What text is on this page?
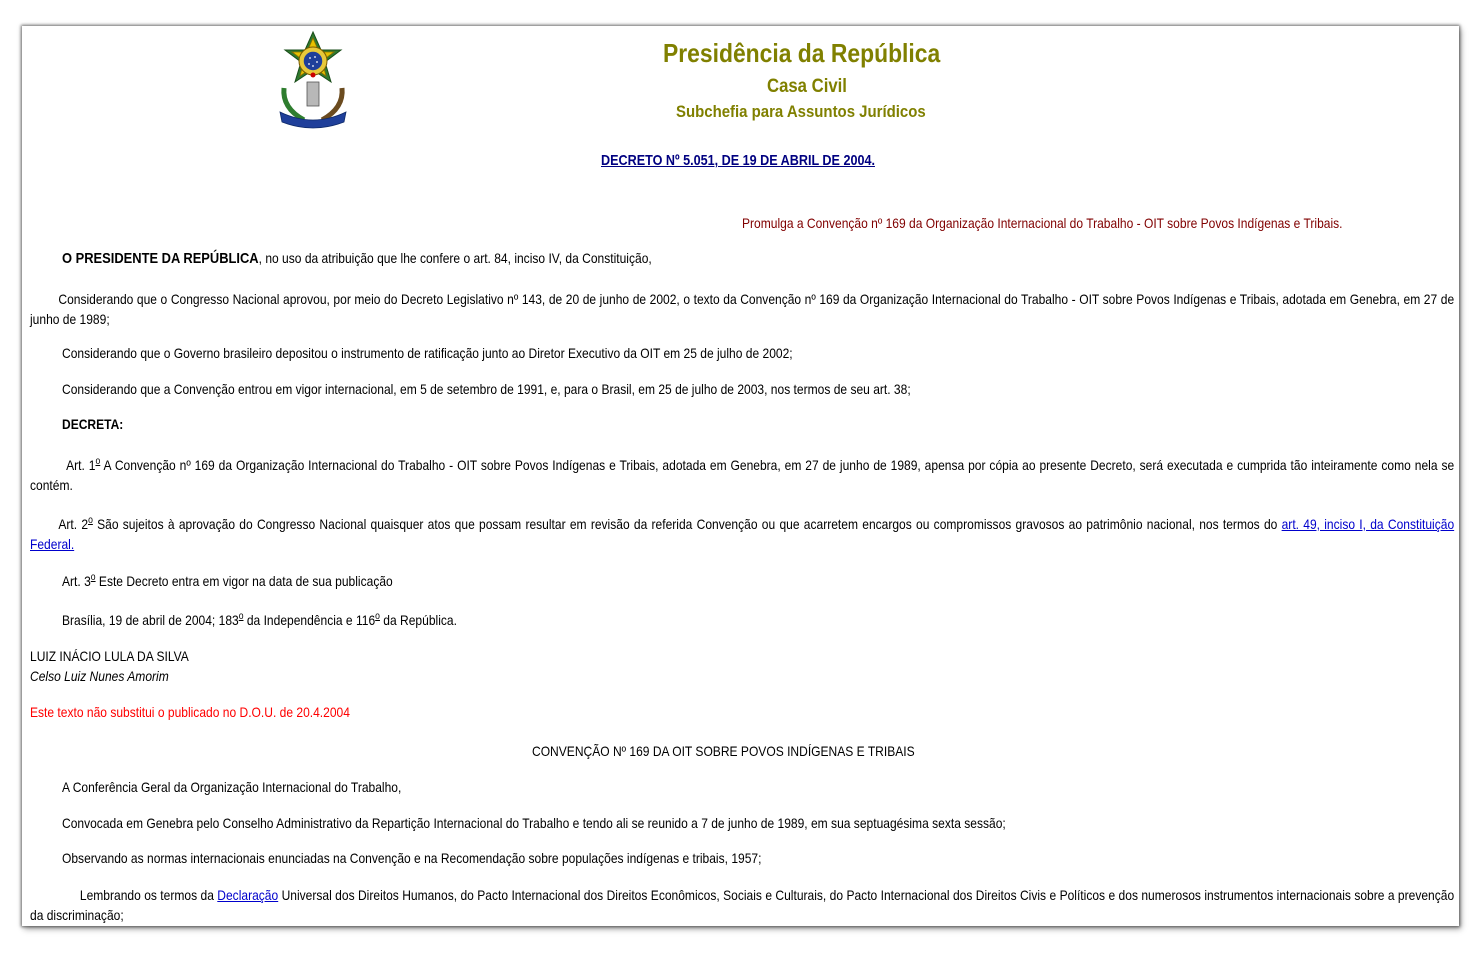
Presidência da República
Casa Civil
Subchefia para Assuntos Jurídicos
DECRETO Nº 5.051, DE 19 DE ABRIL DE 2004.
Promulga a Convenção nº 169 da Organização Internacional do Trabalho - OIT sobre Povos Indígenas e Tribais.
O PRESIDENTE DA REPÚBLICA, no uso da atribuição que lhe confere o art. 84, inciso IV, da Constituição,
Considerando que o Congresso Nacional aprovou, por meio do Decreto Legislativo nº 143, de 20 de junho de 2002, o texto da Convenção nº 169 da Organização Internacional do Trabalho - OIT sobre Povos Indígenas e Tribais, adotada em Genebra, em 27 de junho de 1989;
Considerando que o Governo brasileiro depositou o instrumento de ratificação junto ao Diretor Executivo da OIT em 25 de julho de 2002;
Considerando que a Convenção entrou em vigor internacional, em 5 de setembro de 1991, e, para o Brasil, em 25 de julho de 2003, nos termos de seu art. 38;
DECRETA:
Art. 1$^o$ A Convenção nº 169 da Organização Internacional do Trabalho - OIT sobre Povos Indígenas e Tribais, adotada em Genebra, em 27 de junho de 1989, apensa por cópia ao presente Decreto, será executada e cumprida tão inteiramente como nela se contém.
Art. 2$^o$ São sujeitos à aprovação do Congresso Nacional quaisquer atos que possam resultar em revisão da referida Convenção ou que acarretem encargos ou compromissos gravosos ao patrimônio nacional, nos termos do art. 49, inciso I, da Constituição Federal.
Art. 3$^o$ Este Decreto entra em vigor na data de sua publicação
Brasília, 19 de abril de 2004; 183$^o$ da Independência e 116$^o$ da República.
LUIZ INÁCIO LULA DA SILVA
Celso Luiz Nunes Amorim
Este texto não substitui o publicado no D.O.U. de 20.4.2004
CONVENÇÃO Nº 169 DA OIT SOBRE POVOS INDÍGENAS E TRIBAIS
A Conferência Geral da Organização Internacional do Trabalho,
Convocada em Genebra pelo Conselho Administrativo da Repartição Internacional do Trabalho e tendo ali se reunido a 7 de junho de 1989, em sua septuagésima sexta sessão;
Observando as normas internacionais enunciadas na Convenção e na Recomendação sobre populações indígenas e tribais, 1957;
Lembrando os termos da Declaração Universal dos Direitos Humanos, do Pacto Internacional dos Direitos Econômicos, Sociais e Culturais, do Pacto Internacional dos Direitos Civis e Políticos e dos numerosos instrumentos internacionais sobre a prevenção da discriminação;
